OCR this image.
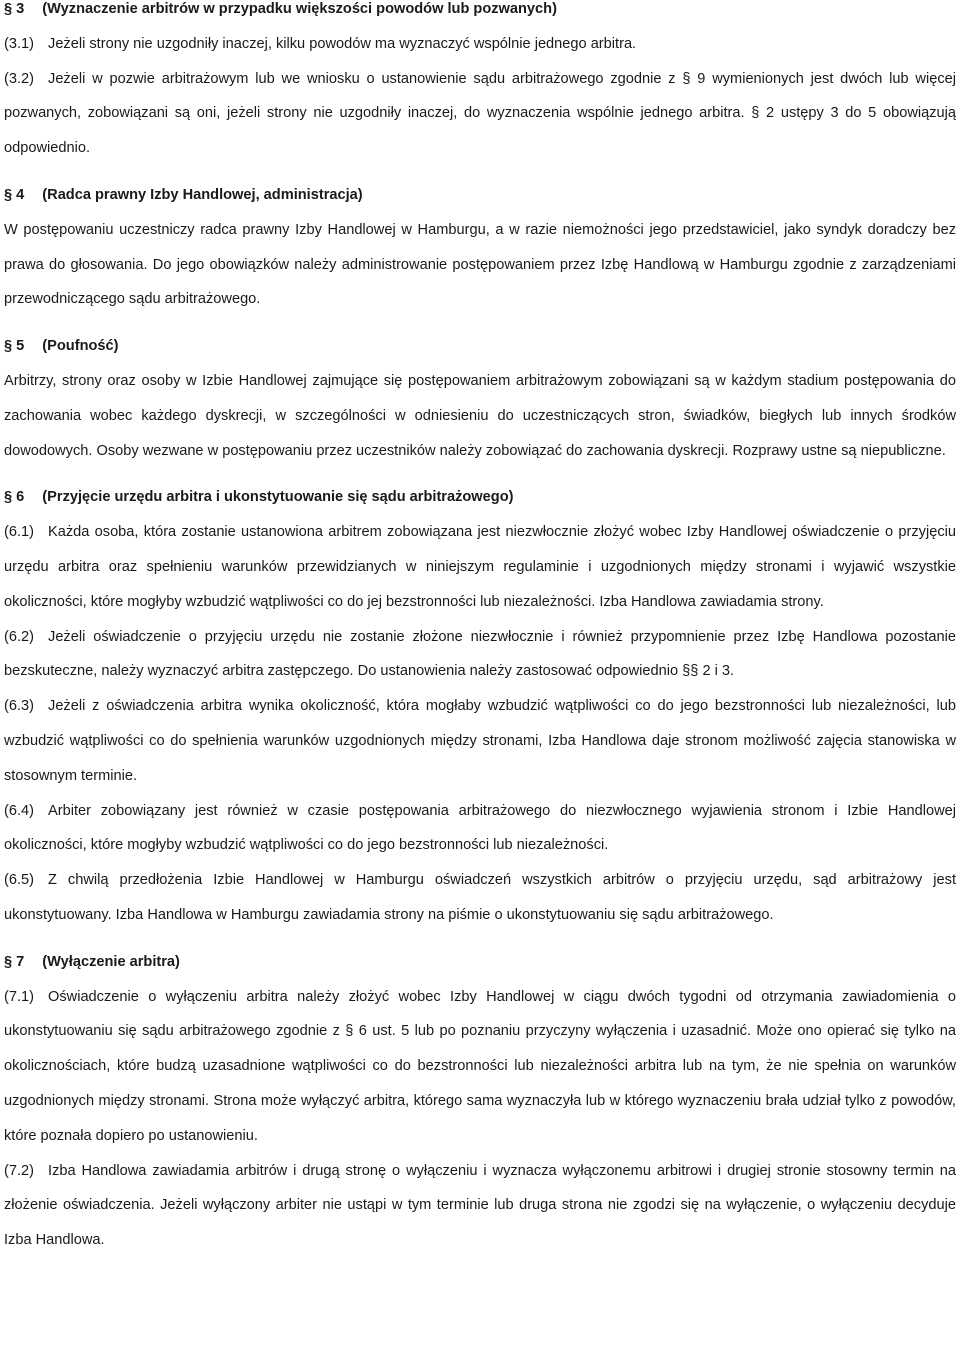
§ 3 (Wyznaczenie arbitrów w przypadku większości powodów lub pozwanych)

(3.1) Jeżeli strony nie uzgodniły inaczej, kilku powodów ma wyznaczyć wspólnie jednego arbitra.

(3.2) Jeżeli w pozwie arbitrażowym lub we wniosku o ustanowienie sądu arbitrażowego zgodnie z § 9 wymienionych jest dwóch lub więcej pozwanych, zobowiązani są oni, jeżeli strony nie uzgodniły inaczej, do wyznaczenia wspólnie jednego arbitra. § 2 ustępy 3 do 5 obowiązują odpowiednio.

§ 4 (Radca prawny Izby Handlowej, administracja)

W postępowaniu uczestniczy radca prawny Izby Handlowej w Hamburgu, a w razie niemożności jego przedstawiciel, jako syndyk doradczy bez prawa do głosowania. Do jego obowiązków należy administrowanie postępowaniem przez Izbę Handlową w Hamburgu zgodnie z zarządzeniami przewodniczącego sądu arbitrażowego.

§ 5 (Poufność)

Arbitrzy, strony oraz osoby w Izbie Handlowej zajmujące się postępowaniem arbitrażowym zobowiązani są w każdym stadium postępowania do zachowania wobec każdego dyskrecji, w szczególności w odniesieniu do uczestniczących stron, świadków, biegłych lub innych środków dowodowych. Osoby wezwane w postępowaniu przez uczestników należy zobowiązać do zachowania dyskrecji. Rozprawy ustne są niepubliczne.

§ 6 (Przyjęcie urzędu arbitra i ukonstytuowanie się sądu arbitrażowego)

(6.1) Każda osoba, która zostanie ustanowiona arbitrem zobowiązana jest niezwłocznie złożyć wobec Izby Handlowej oświadczenie o przyjęciu urzędu arbitra oraz spełnieniu warunków przewidzianych w niniejszym regulaminie i uzgodnionych między stronami i wyjawić wszystkie okoliczności, które mogłyby wzbudzić wątpliwości co do jej bezstronności lub niezależności. Izba Handlowa zawiadamia strony.

(6.2) Jeżeli oświadczenie o przyjęciu urzędu nie zostanie złożone niezwłocznie i również przypomnienie przez Izbę Handlowa pozostanie bezskuteczne, należy wyznaczyć arbitra zastępczego. Do ustanowienia należy zastosować odpowiednio §§ 2 i 3.

(6.3) Jeżeli z oświadczenia arbitra wynika okoliczność, która mogłaby wzbudzić wątpliwości co do jego bezstronności lub niezależności, lub wzbudzić wątpliwości co do spełnienia warunków uzgodnionych między stronami, Izba Handlowa daje stronom możliwość zajęcia stanowiska w stosownym terminie.

(6.4) Arbiter zobowiązany jest również w czasie postępowania arbitrażowego do niezwłocznego wyjawienia stronom i Izbie Handlowej okoliczności, które mogłyby wzbudzić wątpliwości co do jego bezstronności lub niezależności.

(6.5) Z chwilą przedłożenia Izbie Handlowej w Hamburgu oświadczeń wszystkich arbitrów o przyjęciu urzędu, sąd arbitrażowy jest ukonstytuowany. Izba Handlowa w Hamburgu zawiadamia strony na piśmie o ukonstytuowaniu się sądu arbitrażowego.

§ 7 (Wyłączenie arbitra)

(7.1) Oświadczenie o wyłączeniu arbitra należy złożyć wobec Izby Handlowej w ciągu dwóch tygodni od otrzymania zawiadomienia o ukonstytuowaniu się sądu arbitrażowego zgodnie z § 6 ust. 5 lub po poznaniu przyczyny wyłączenia i uzasadnić. Może ono opierać się tylko na okolicznościach, które budzą uzasadnione wątpliwości co do bezstronności lub niezależności arbitra lub na tym, że nie spełnia on warunków uzgodnionych między stronami. Strona może wyłączyć arbitra, którego sama wyznaczyła lub w którego wyznaczeniu brała udział tylko z powodów, które poznała dopiero po ustanowieniu.

(7.2) Izba Handlowa zawiadamia arbitrów i drugą stronę o wyłączeniu i wyznacza wyłączonemu arbitrowi i drugiej stronie stosowny termin na złożenie oświadczenia. Jeżeli wyłączony arbiter nie ustąpi w tym terminie lub druga strona nie zgodzi się na wyłączenie, o wyłączeniu decyduje Izba Handlowa.
